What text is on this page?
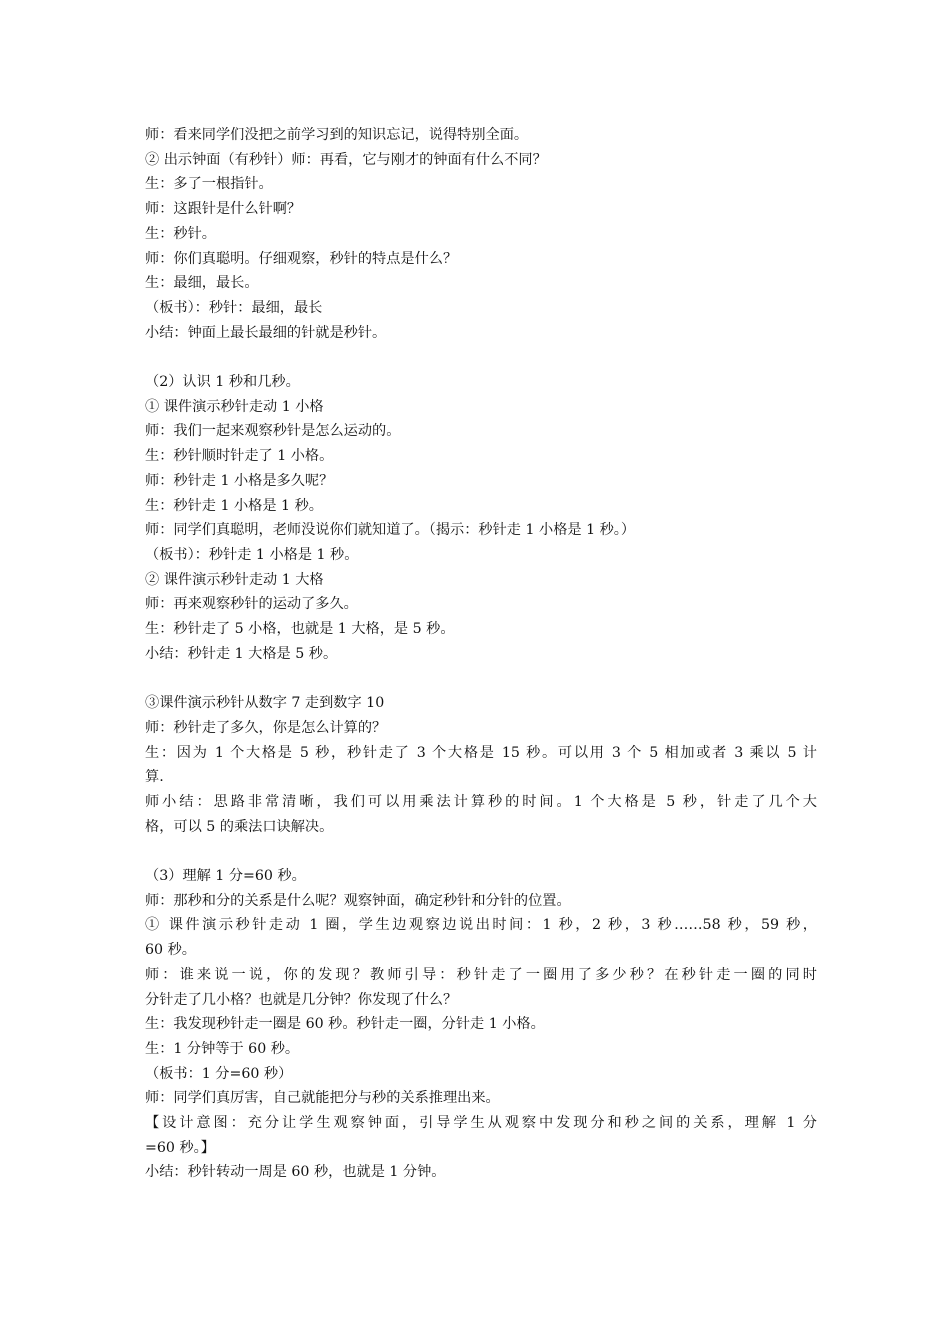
师：看来同学们没把之前学习到的知识忘记，说得特别全面。
② 出示钟面（有秒针）师：再看，它与刚才的钟面有什么不同？
生：多了一根指针。
师：这跟针是什么针啊？
生：秒针。
师：你们真聪明。仔细观察，秒针的特点是什么？
生：最细，最长。
（板书）：秒针：最细，最长
小结：钟面上最长最细的针就是秒针。
（2）认识 1 秒和几秒。
① 课件演示秒针走动 1 小格
师：我们一起来观察秒针是怎么运动的。
生：秒针顺时针走了 1 小格。
师：秒针走 1 小格是多久呢？
生：秒针走 1 小格是 1 秒。
师：同学们真聪明，老师没说你们就知道了。（揭示：秒针走 1 小格是 1 秒。）
（板书）：秒针走 1 小格是 1 秒。
② 课件演示秒针走动 1 大格
师：再来观察秒针的运动了多久。
生：秒针走了 5 小格，也就是 1 大格，是 5 秒。
小结：秒针走 1 大格是 5 秒。
③课件演示秒针从数字 7 走到数字 10
师：秒针走了多久，你是怎么计算的？
生：因为 1 个大格是 5 秒，秒针走了 3 个大格是 15 秒。可以用 3 个 5 相加或者 3 乘以 5 计
算.
师小结：思路非常清晰，我们可以用乘法计算秒的时间。1 个大格是 5 秒，针走了几个大
格，可以 5 的乘法口诀解决。
（3）理解 1 分=60 秒。
师：那秒和分的关系是什么呢？观察钟面，确定秒针和分针的位置。
① 课件演示秒针走动 1 圈，学生边观察边说出时间：1 秒，2 秒，3 秒……58 秒，59 秒，
60 秒。
师：谁来说一说，你的发现？教师引导：秒针走了一圈用了多少秒？在秒针走一圈的同时
分针走了几小格？也就是几分钟？你发现了什么？
生：我发现秒针走一圈是 60 秒。秒针走一圈，分针走 1 小格。
生：1 分钟等于 60 秒。
（板书：1 分=60 秒）
师：同学们真厉害，自己就能把分与秒的关系推理出来。
【设计意图：充分让学生观察钟面，引导学生从观察中发现分和秒之间的关系，理解 1 分
=60 秒。】
小结：秒针转动一周是 60 秒，也就是 1 分钟。
